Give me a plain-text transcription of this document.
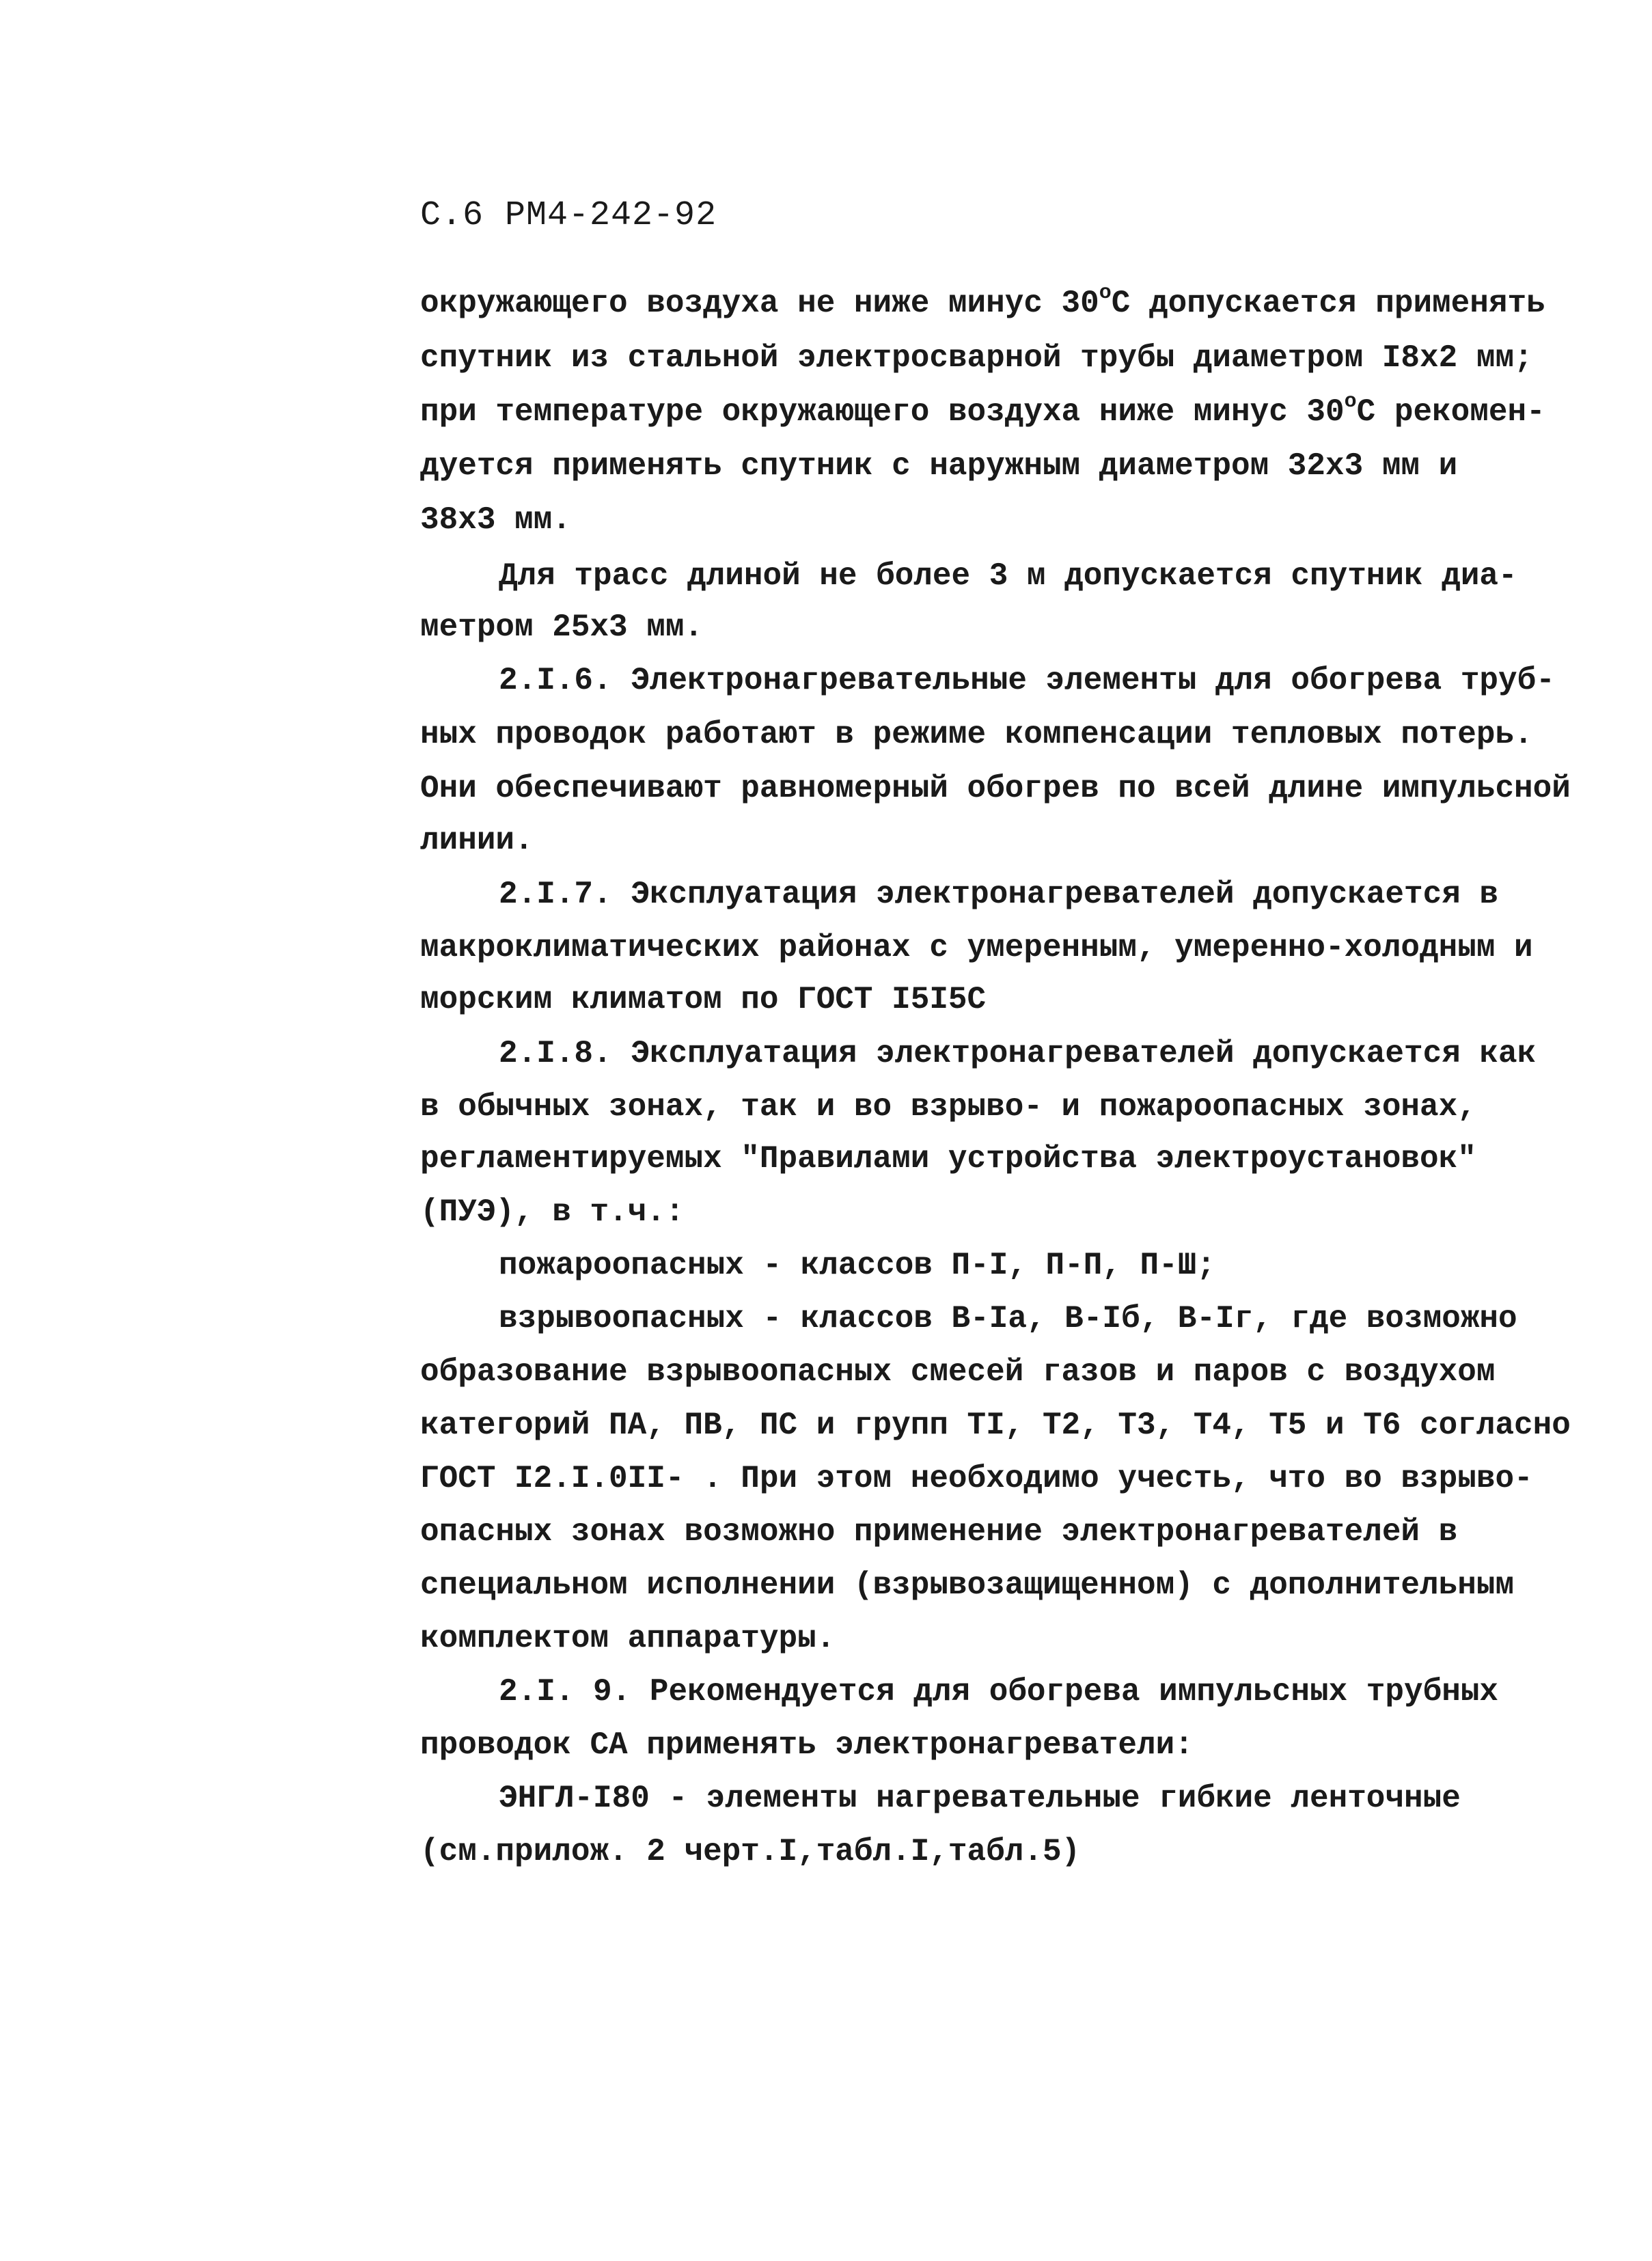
С.6 РМ4-242-92
окружающего воздуха не ниже минус $30^оС$ допускается применять
спутник из стальной электросварной трубы диаметром I8x2 мм;
при температуре окружающего воздуха ниже минус $30^оС$ рекомен-
дуется применять спутник с наружным диаметром 32x3 мм и
38x3 мм.
Для трасс длиной не более 3 м допускается спутник диа-
метром 25x3 мм.
2.I.6. Электронагревательные элементы для обогрева труб-
ных проводок работают в режиме компенсации тепловых потерь.
Они обеспечивают равномерный обогрев по всей длине импульсной
линии.
2.I.7. Эксплуатация электронагревателей допускается в
макроклиматических районах с умеренным, умеренно-холодным и
морским климатом по ГОСТ I5I5С
2.I.8. Эксплуатация электронагревателей допускается как
в обычных зонах, так и во взрыво- и пожароопасных зонах,
регламентируемых "Правилами устройства электроустановок"
(ПУЭ), в т.ч.:
пожароопасных - классов П-I, П-П, П-Ш;
взрывоопасных - классов В-Iа, В-Iб, В-Iг, где возможно
образование взрывоопасных смесей газов и паров с воздухом
категорий ПА, ПВ, ПС и групп TI, T2, T3, T4, T5 и T6 согласно
ГОСТ I2.I.0II- . При этом необходимо учесть, что во взрыво-
опасных зонах возможно применение электронагревателей в
специальном исполнении (взрывозащищенном) с дополнительным
комплектом аппаратуры.
2.I. 9. Рекомендуется для обогрева импульсных трубных
проводок СА применять электронагреватели:
ЭНГЛ-I80 - элементы нагревательные гибкие ленточные
(см.прилож. 2 черт.I,табл.I,табл.5)
